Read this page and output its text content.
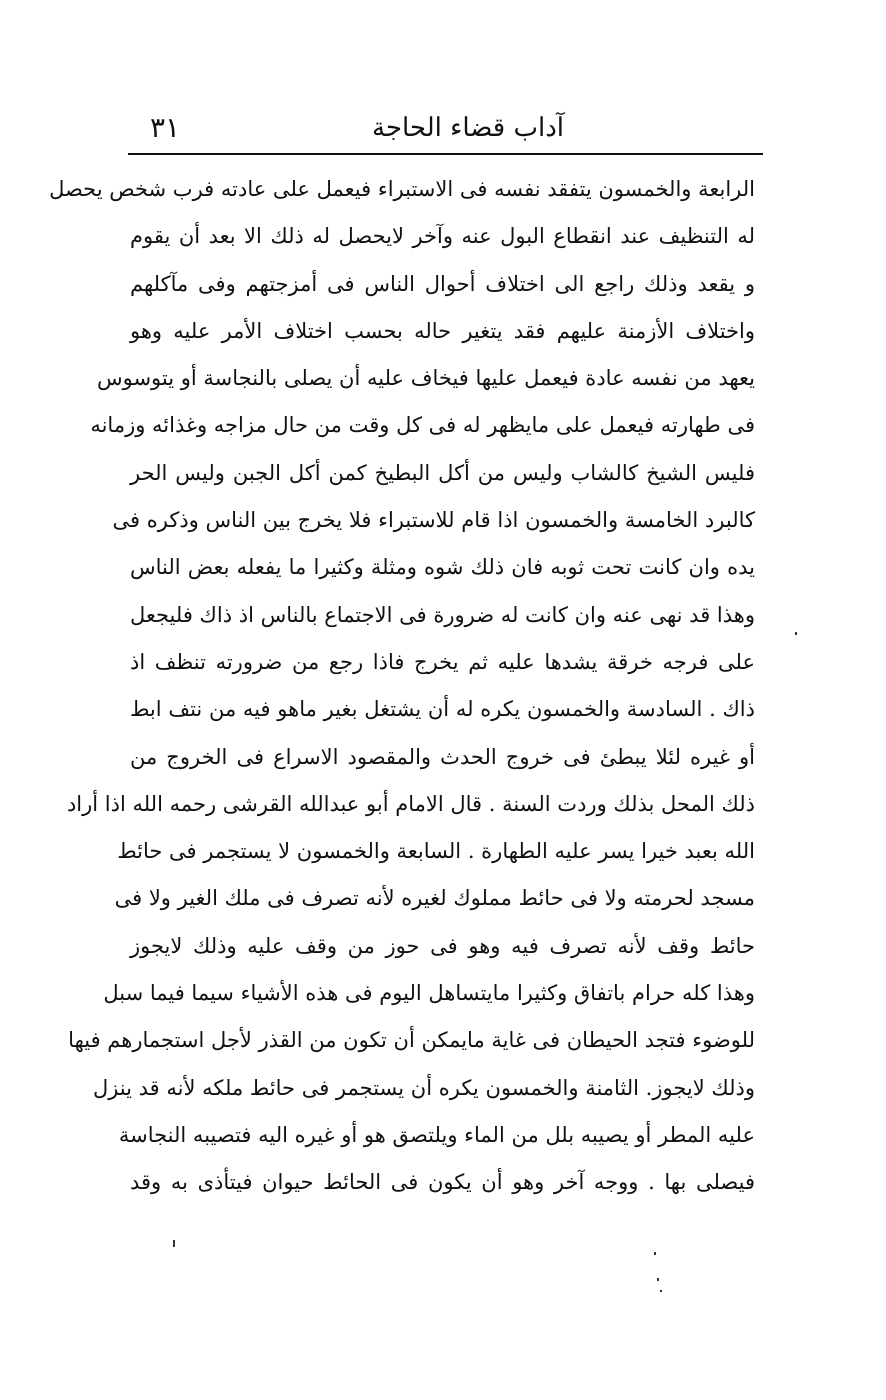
٣١	آداب قضاء الحاجة
الرابعة والخمسون يتفقد نفسه فى الاستبراء فيعمل على عادته فرب شخص يحصل
له التنظيف عند انقطاع البول عنه وآخر لايحصل له ذلك الا بعد أن يقوم
و يقعد وذلك راجع الى اختلاف أحوال الناس فى أمزجتهم وفى مآكلهم
واختلاف الأزمنة عليهم فقد يتغير حاله بحسب اختلاف الأمر عليه وهو
يعهد من نفسه عادة فيعمل عليها فيخاف عليه أن يصلى بالنجاسة أو يتوسوس
فى طهارته فيعمل على مايظهر له فى كل وقت من حال مزاجه وغذائه وزمانه
فليس الشيخ كالشاب وليس من أكل البطيخ كمن أكل الجبن وليس الحر
كالبرد الخامسة والخمسون اذا قام للاستبراء فلا يخرج بين الناس وذكره فى
يده وان كانت تحت ثوبه فان ذلك شوه ومثلة وكثيرا ما يفعله بعض الناس
وهذا قد نهى عنه وان كانت له ضرورة فى الاجتماع بالناس اذ ذاك فليجعل
على فرجه خرقة يشدها عليه ثم يخرج فاذا رجع من ضرورته تنظف اذ
ذاك . السادسة والخمسون يكره له أن يشتغل بغير ماهو فيه من نتف ابط
أو غيره لئلا يبطئ فى خروج الحدث والمقصود الاسراع فى الخروج من
ذلك المحل بذلك وردت السنة . قال الامام أبو عبدالله القرشى رحمه الله اذا أراد
الله بعبد خيرا يسر عليه الطهارة . السابعة والخمسون لا يستجمر فى حائط
مسجد لحرمته ولا فى حائط مملوك لغيره لأنه تصرف فى ملك الغير ولا فى
حائط وقف لأنه تصرف فيه وهو فى حوز من وقف عليه وذلك لايجوز
وهذا كله حرام باتفاق وكثيرا مايتساهل اليوم فى هذه الأشياء سيما فيما سبل
للوضوء فتجد الحيطان فى غاية مايمكن أن تكون من القذر لأجل استجمارهم فيها
وذلك لايجوز. الثامنة والخمسون يكره أن يستجمر فى حائط ملكه لأنه قد ينزل
عليه المطر أو يصيبه بلل من الماء ويلتصق هو أو غيره اليه فتصيبه النجاسة
فيصلى بها . ووجه آخر وهو أن يكون فى الحائط حيوان فيتأذى به وقد
